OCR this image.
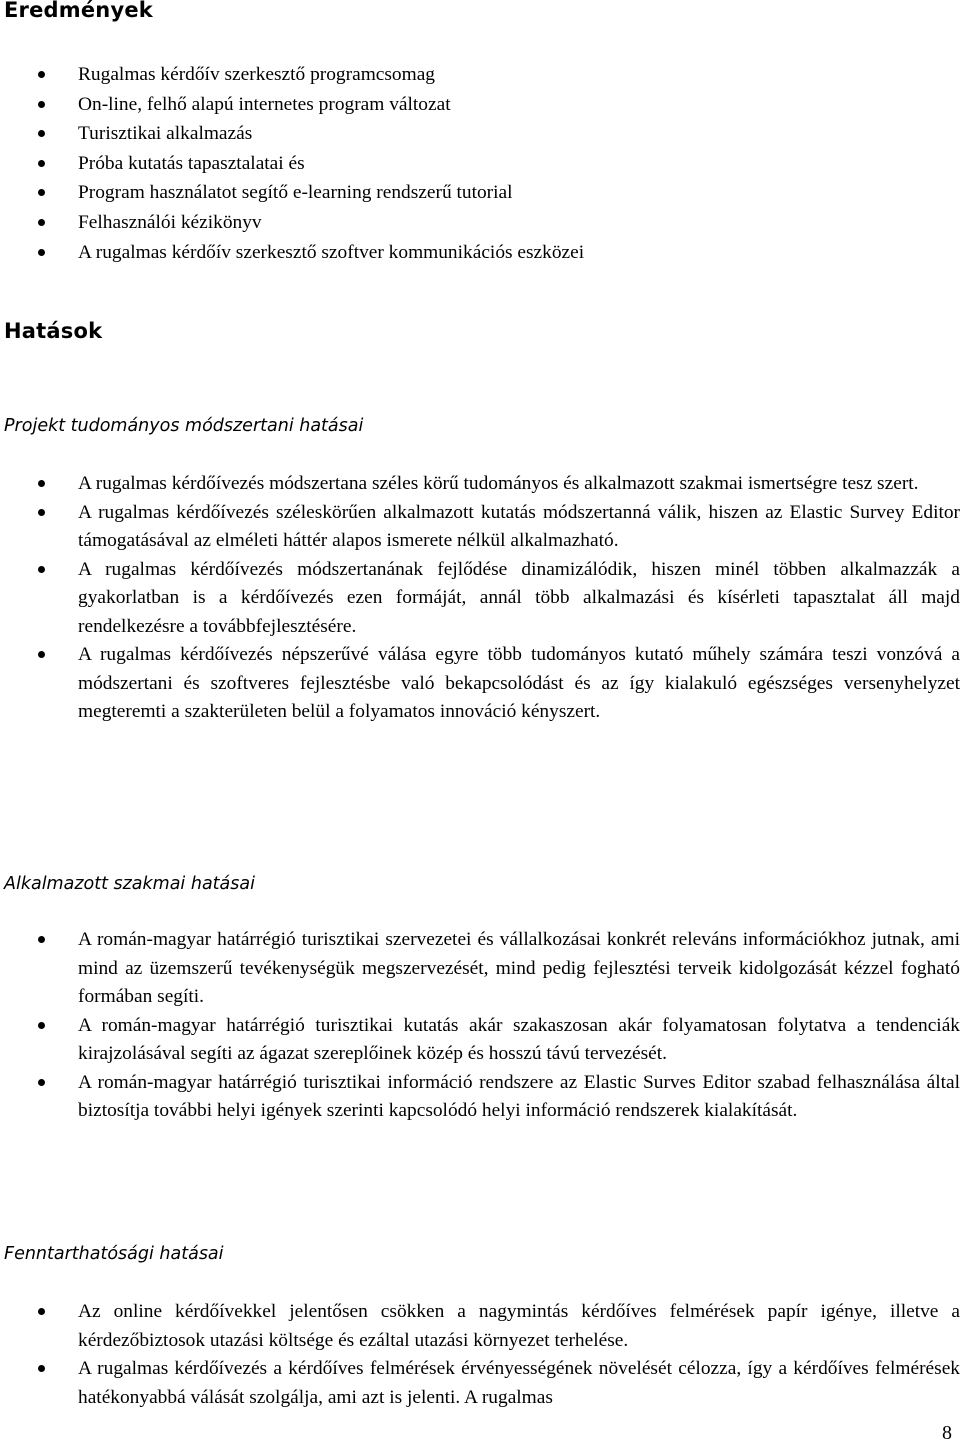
Eredmények
Rugalmas kérdőív szerkesztő programcsomag
On-line, felhő alapú internetes program változat
Turisztikai alkalmazás
Próba kutatás tapasztalatai és
Program használatot segítő e-learning rendszerű tutorial
Felhasználói kézikönyv
A rugalmas kérdőív szerkesztő szoftver kommunikációs eszközei
Hatások
Projekt tudományos módszertani hatásai
A rugalmas kérdőívezés módszertana széles körű tudományos és alkalmazott szakmai ismertségre tesz szert.
A rugalmas kérdőívezés széleskörűen alkalmazott kutatás módszertanná válik, hiszen az Elastic Survey Editor támogatásával az elméleti háttér alapos ismerete nélkül alkalmazható.
A rugalmas kérdőívezés módszertanának fejlődése dinamizálódik, hiszen minél többen alkalmazzák a gyakorlatban is a kérdőívezés ezen formáját, annál több alkalmazási és kísérleti tapasztalat áll majd rendelkezésre a továbbfejlesztésére.
A rugalmas kérdőívezés népszerűvé válása egyre több tudományos kutató műhely számára teszi vonzóvá a módszertani és szoftveres fejlesztésbe való bekapcsolódást és az így kialakuló egészséges versenyhelyzet megteremti a szakterületen belül a folyamatos innováció kényszert.
Alkalmazott szakmai hatásai
A román-magyar határrégió turisztikai szervezetei és vállalkozásai konkrét releváns információkhoz jutnak, ami mind az üzemszerű tevékenységük megszervezését, mind pedig fejlesztési terveik kidolgozását kézzel fogható formában segíti.
A román-magyar határrégió turisztikai kutatás akár szakaszosan akár folyamatosan folytatva a tendenciák kirajzolásával segíti az ágazat szereplőinek közép és hosszú távú tervezését.
A román-magyar határrégió turisztikai információ rendszere az Elastic Surves Editor szabad felhasználása által biztosítja további helyi igények szerinti kapcsolódó helyi információ rendszerek kialakítását.
Fenntarthatósági hatásai
Az online kérdőívekkel jelentősen csökken a nagymintás kérdőíves felmérések papír igénye, illetve a kérdezőbiztosok utazási költsége és ezáltal utazási környezet terhelése.
A rugalmas kérdőívezés a kérdőíves felmérések érvényességének növelését célozza, így a kérdőíves felmérések hatékonyabbá válását szolgálja, ami azt is jelenti. A rugalmas
8
